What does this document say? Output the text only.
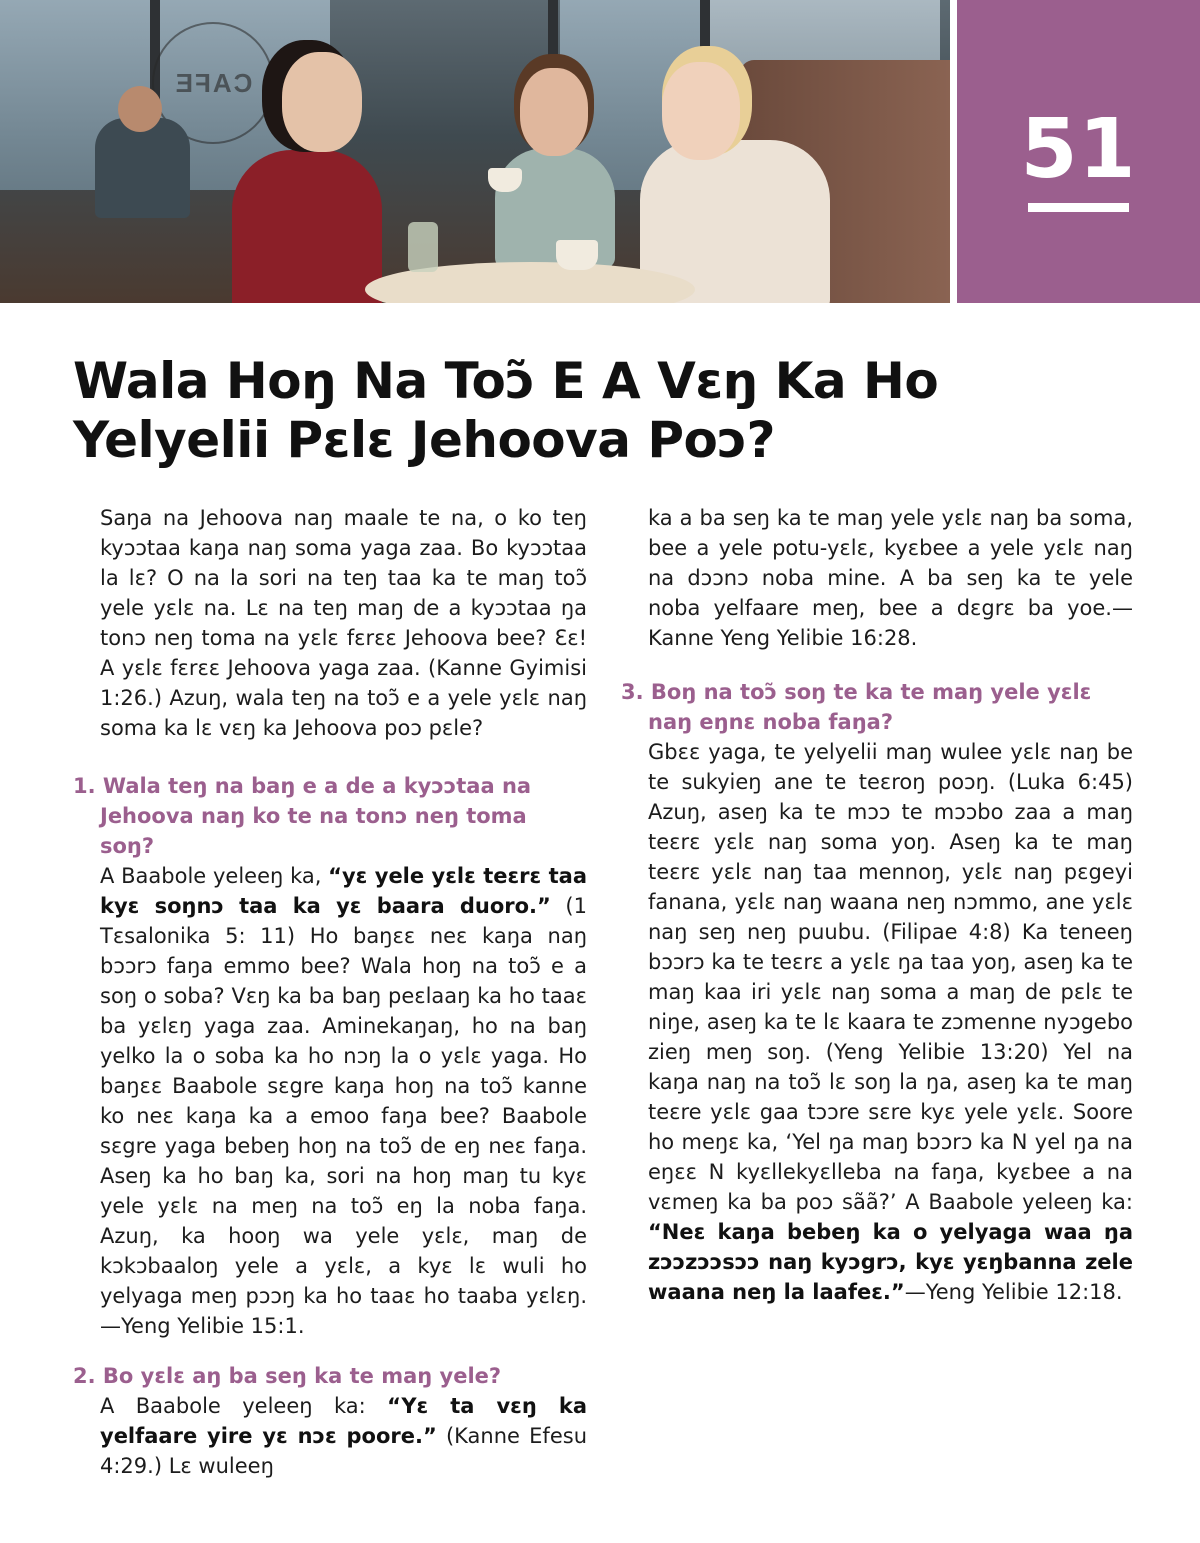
CAFE
51
Wala Hoŋ Na Toɔ̃ E A Vɛŋ Ka Ho
Yelyelii Pɛlɛ Jehoova Poɔ?

Saŋa na Jehoova naŋ maale te na, o ko teŋ kyɔɔtaa kaŋa naŋ soma yaga zaa. Bo kyɔɔtaa la lɛ? O na la sori na teŋ taa ka te maŋ toɔ̃ yele yɛlɛ na. Lɛ na teŋ maŋ de a kyɔɔtaa ŋa tonɔ neŋ toma na yɛlɛ fɛrɛɛ Jehoova bee? Ɛɛ! A yɛlɛ fɛrɛɛ Jehoova yaga zaa. (Kanne Gyimisi 1:26.) Azuŋ, wala teŋ na toɔ̃ e a yele yɛlɛ naŋ soma ka lɛ vɛŋ ka Jehoova poɔ pɛle?

1. Wala teŋ na baŋ e a de a kyɔɔtaa na Jehoova naŋ ko te na tonɔ neŋ toma soŋ?

A Baabole yeleeŋ ka, “yɛ yele yɛlɛ teɛrɛ taa kyɛ soŋnɔ taa ka yɛ baara duoro.” (1 Tɛsalonika 5: 11) Ho baŋɛɛ neɛ kaŋa naŋ bɔɔrɔ faŋa emmo bee? Wala hoŋ na toɔ̃ e a soŋ o soba? Vɛŋ ka ba baŋ peɛlaaŋ ka ho taaɛ ba yɛlɛŋ yaga zaa. Aminekaŋaŋ, ho na baŋ yelko la o soba ka ho nɔŋ la o yɛlɛ yaga. Ho baŋɛɛ Baabole sɛgre kaŋa hoŋ na toɔ̃ kanne ko neɛ kaŋa ka a emoo faŋa bee? Baabole sɛgre yaga bebeŋ hoŋ na toɔ̃ de eŋ neɛ faŋa. Aseŋ ka ho baŋ ka, sori na hoŋ maŋ tu kyɛ yele yɛlɛ na meŋ na toɔ̃ eŋ la noba faŋa. Azuŋ, ka hooŋ wa yele yɛlɛ, maŋ de kɔkɔbaaloŋ yele a yɛlɛ, a kyɛ lɛ wuli ho yelyaga meŋ pɔɔŋ ka ho taaɛ ho taaba yɛlɛŋ.—Yeng Yelibie 15:1.

2. Bo yɛlɛ aŋ ba seŋ ka te maŋ yele?

A Baabole yeleeŋ ka: “Yɛ ta vɛŋ ka yelfaare yire yɛ nɔɛ poore.” (Kanne Efesu 4:29.) Lɛ wuleeŋ

ka a ba seŋ ka te maŋ yele yɛlɛ naŋ ba soma, bee a yele potu-yɛlɛ, kyɛbee a yele yɛlɛ naŋ na dɔɔnɔ noba mine. A ba seŋ ka te yele noba yelfaare meŋ, bee a dɛgrɛ ba yoe.—Kanne Yeng Yelibie 16:28.

3. Boŋ na toɔ̃ soŋ te ka te maŋ yele yɛlɛ naŋ eŋnɛ noba faŋa?

Gbɛɛ yaga, te yelyelii maŋ wulee yɛlɛ naŋ be te sukyieŋ ane te teɛroŋ poɔŋ. (Luka 6:45) Azuŋ, aseŋ ka te mɔɔ te mɔɔbo zaa a maŋ teɛrɛ yɛlɛ naŋ soma yoŋ. Aseŋ ka te maŋ teɛrɛ yɛlɛ naŋ taa mennoŋ, yɛlɛ naŋ pɛgeyi fanana, yɛlɛ naŋ waana neŋ nɔmmo, ane yɛlɛ naŋ seŋ neŋ puubu. (Filipae 4:8) Ka teneeŋ bɔɔrɔ ka te teɛrɛ a yɛlɛ ŋa taa yoŋ, aseŋ ka te maŋ kaa iri yɛlɛ naŋ soma a maŋ de pɛlɛ te niŋe, aseŋ ka te lɛ kaara te zɔmenne nyɔgebo zieŋ meŋ soŋ. (Yeng Yelibie 13:20) Yel na kaŋa naŋ na toɔ̃ lɛ soŋ la ŋa, aseŋ ka te maŋ teɛre yɛlɛ gaa tɔɔre sɛre kyɛ yele yɛlɛ. Soore ho meŋɛ ka, ‘Yel ŋa maŋ bɔɔrɔ ka N yel ŋa na eŋɛɛ N kyɛllekyɛlleba na faŋa, kyɛbee a na vɛmeŋ ka ba poɔ sãã?’ A Baabole yeleeŋ ka: “Neɛ kaŋa bebeŋ ka o yelyaga waa ŋa zɔɔzɔɔsɔɔ naŋ kyɔgrɔ, kyɛ yɛŋbanna zele waana neŋ la laafeɛ.”—Yeng Yelibie 12:18.
